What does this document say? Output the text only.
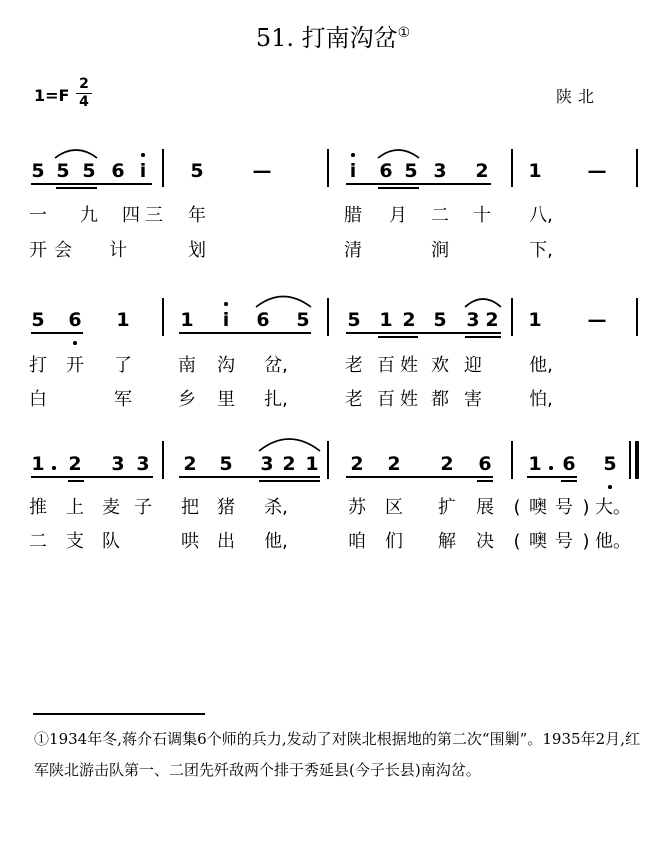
51. 打南沟岔①
1=F
2
4	陕北
5 5 5 6 i 5	—	i 6 5 3 2 1 —
5 6 1	1 i 6 5 5 1 2 5 3 2 1 —
1 2 3 3 2 5 3 2 1 2 2 2 6 1 6 5
一 九 四 三 年	腊 月 二 十 八,
开 会 计	划	清	涧	下,
打 开 了	南 沟 岔,	老 百 姓 欢 迎	他,
白	军	乡 里 扎,	老 百 姓 都 害	怕,
推 上 麦 子 把 猪 杀,	苏 区 扩 展 ( 噢 号 ) 大。
二 支 队	哄 出 他,	咱 们 解 决 ( 噢 号 ) 他。
①1934年冬,蒋介石调集6个师的兵力,发动了对陕北根据地的第二次“围剿”。1935年2月,红军陕北游击队第一、二团先歼敌两个排于秀延县(今子长县)南沟岔。
